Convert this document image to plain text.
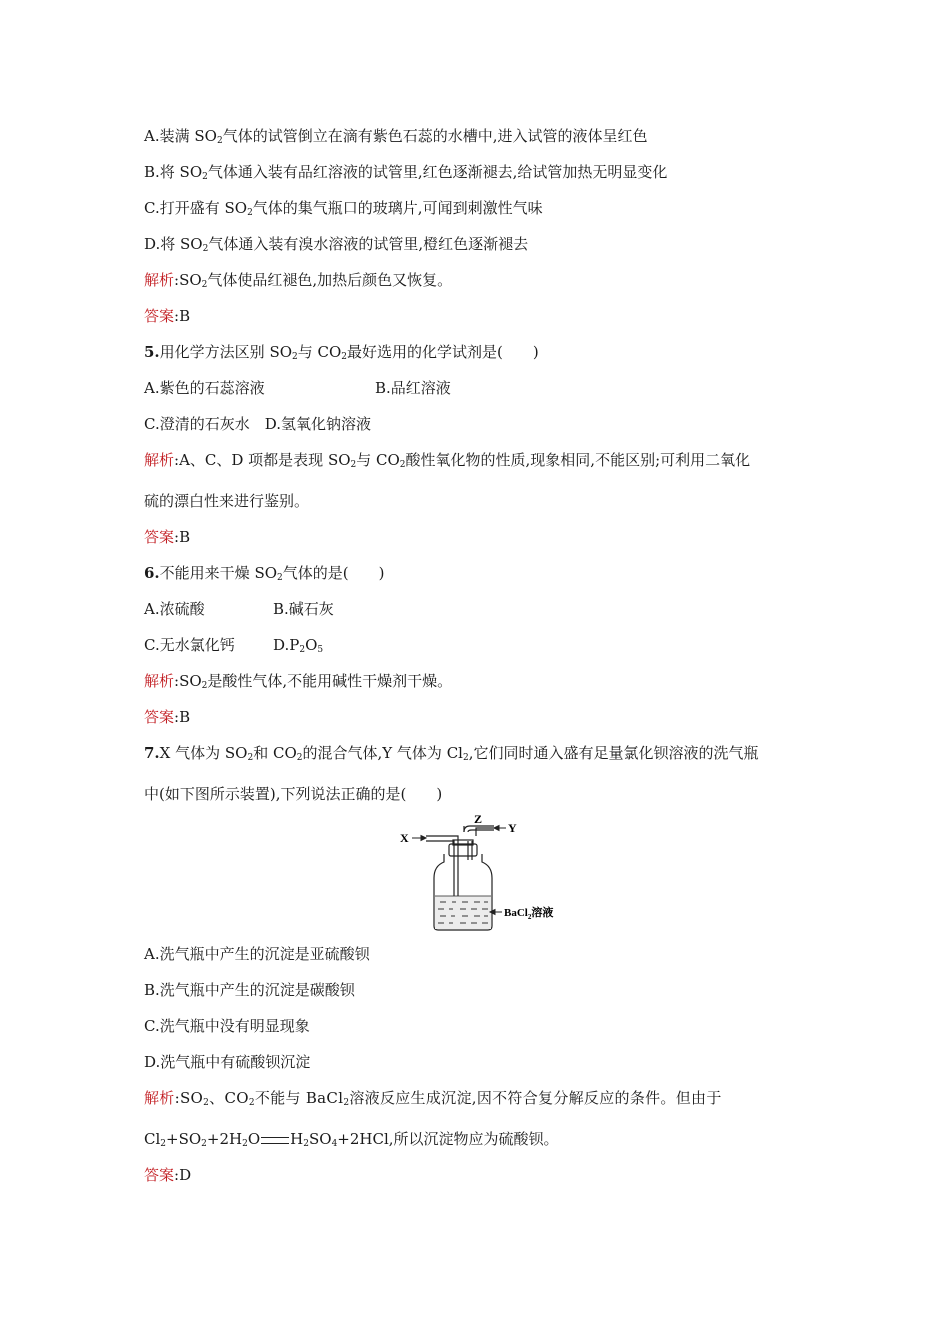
A.装满 $SO_2$气体的试管倒立在滴有紫色石蕊的水槽中,进入试管的液体呈红色
B.将 $SO_2$气体通入装有品红溶液的试管里,红色逐渐褪去,给试管加热无明显变化
C.打开盛有 $SO_2$气体的集气瓶口的玻璃片,可闻到刺激性气味
D.将 $SO_2$气体通入装有溴水溶液的试管里,橙红色逐渐褪去
解析$:SO_2$气体使品红褪色,加热后颜色又恢复。
答案:B
5.用化学方法区别 $SO_2$与 $CO_2$最好选用的化学试剂是(　　)
A.紫色的石蕊溶液	B.品红溶液
C.澄清的石灰水　D.氢氧化钠溶液
解析:A、C、D 项都是表现 $SO_2$与 $CO_2$酸性氧化物的性质,现象相同,不能区别;可利用二氧化
硫的漂白性来进行鉴别。
答案:B
6.不能用来干燥 $SO_2$气体的是(　　)
A.浓硫酸	B.碱石灰
C.无水氯化钙	$D.P_2O_5$
解析$:SO_2$是酸性气体,不能用碱性干燥剂干燥。
答案:B
7.X 气体为 $SO_2$和 $CO_2$的混合气体,Y 气体为 $Cl_2$,它们同时通入盛有足量氯化钡溶液的洗气瓶
中(如下图所示装置),下列说法正确的是(　　)
X
Y
Z
BaCl$_2$溶液
A.洗气瓶中产生的沉淀是亚硫酸钡
B.洗气瓶中产生的沉淀是碳酸钡
C.洗气瓶中没有明显现象
D.洗气瓶中有硫酸钡沉淀
解析$:SO_2$、$CO_2$不能与 BaCl$_2$溶液反应生成沉淀,因不符合复分解反应的条件。但由于
$Cl_2+SO_2+2H_2O$ $H_2SO_4+2HCl$,所以沉淀物应为硫酸钡。
答案:D
